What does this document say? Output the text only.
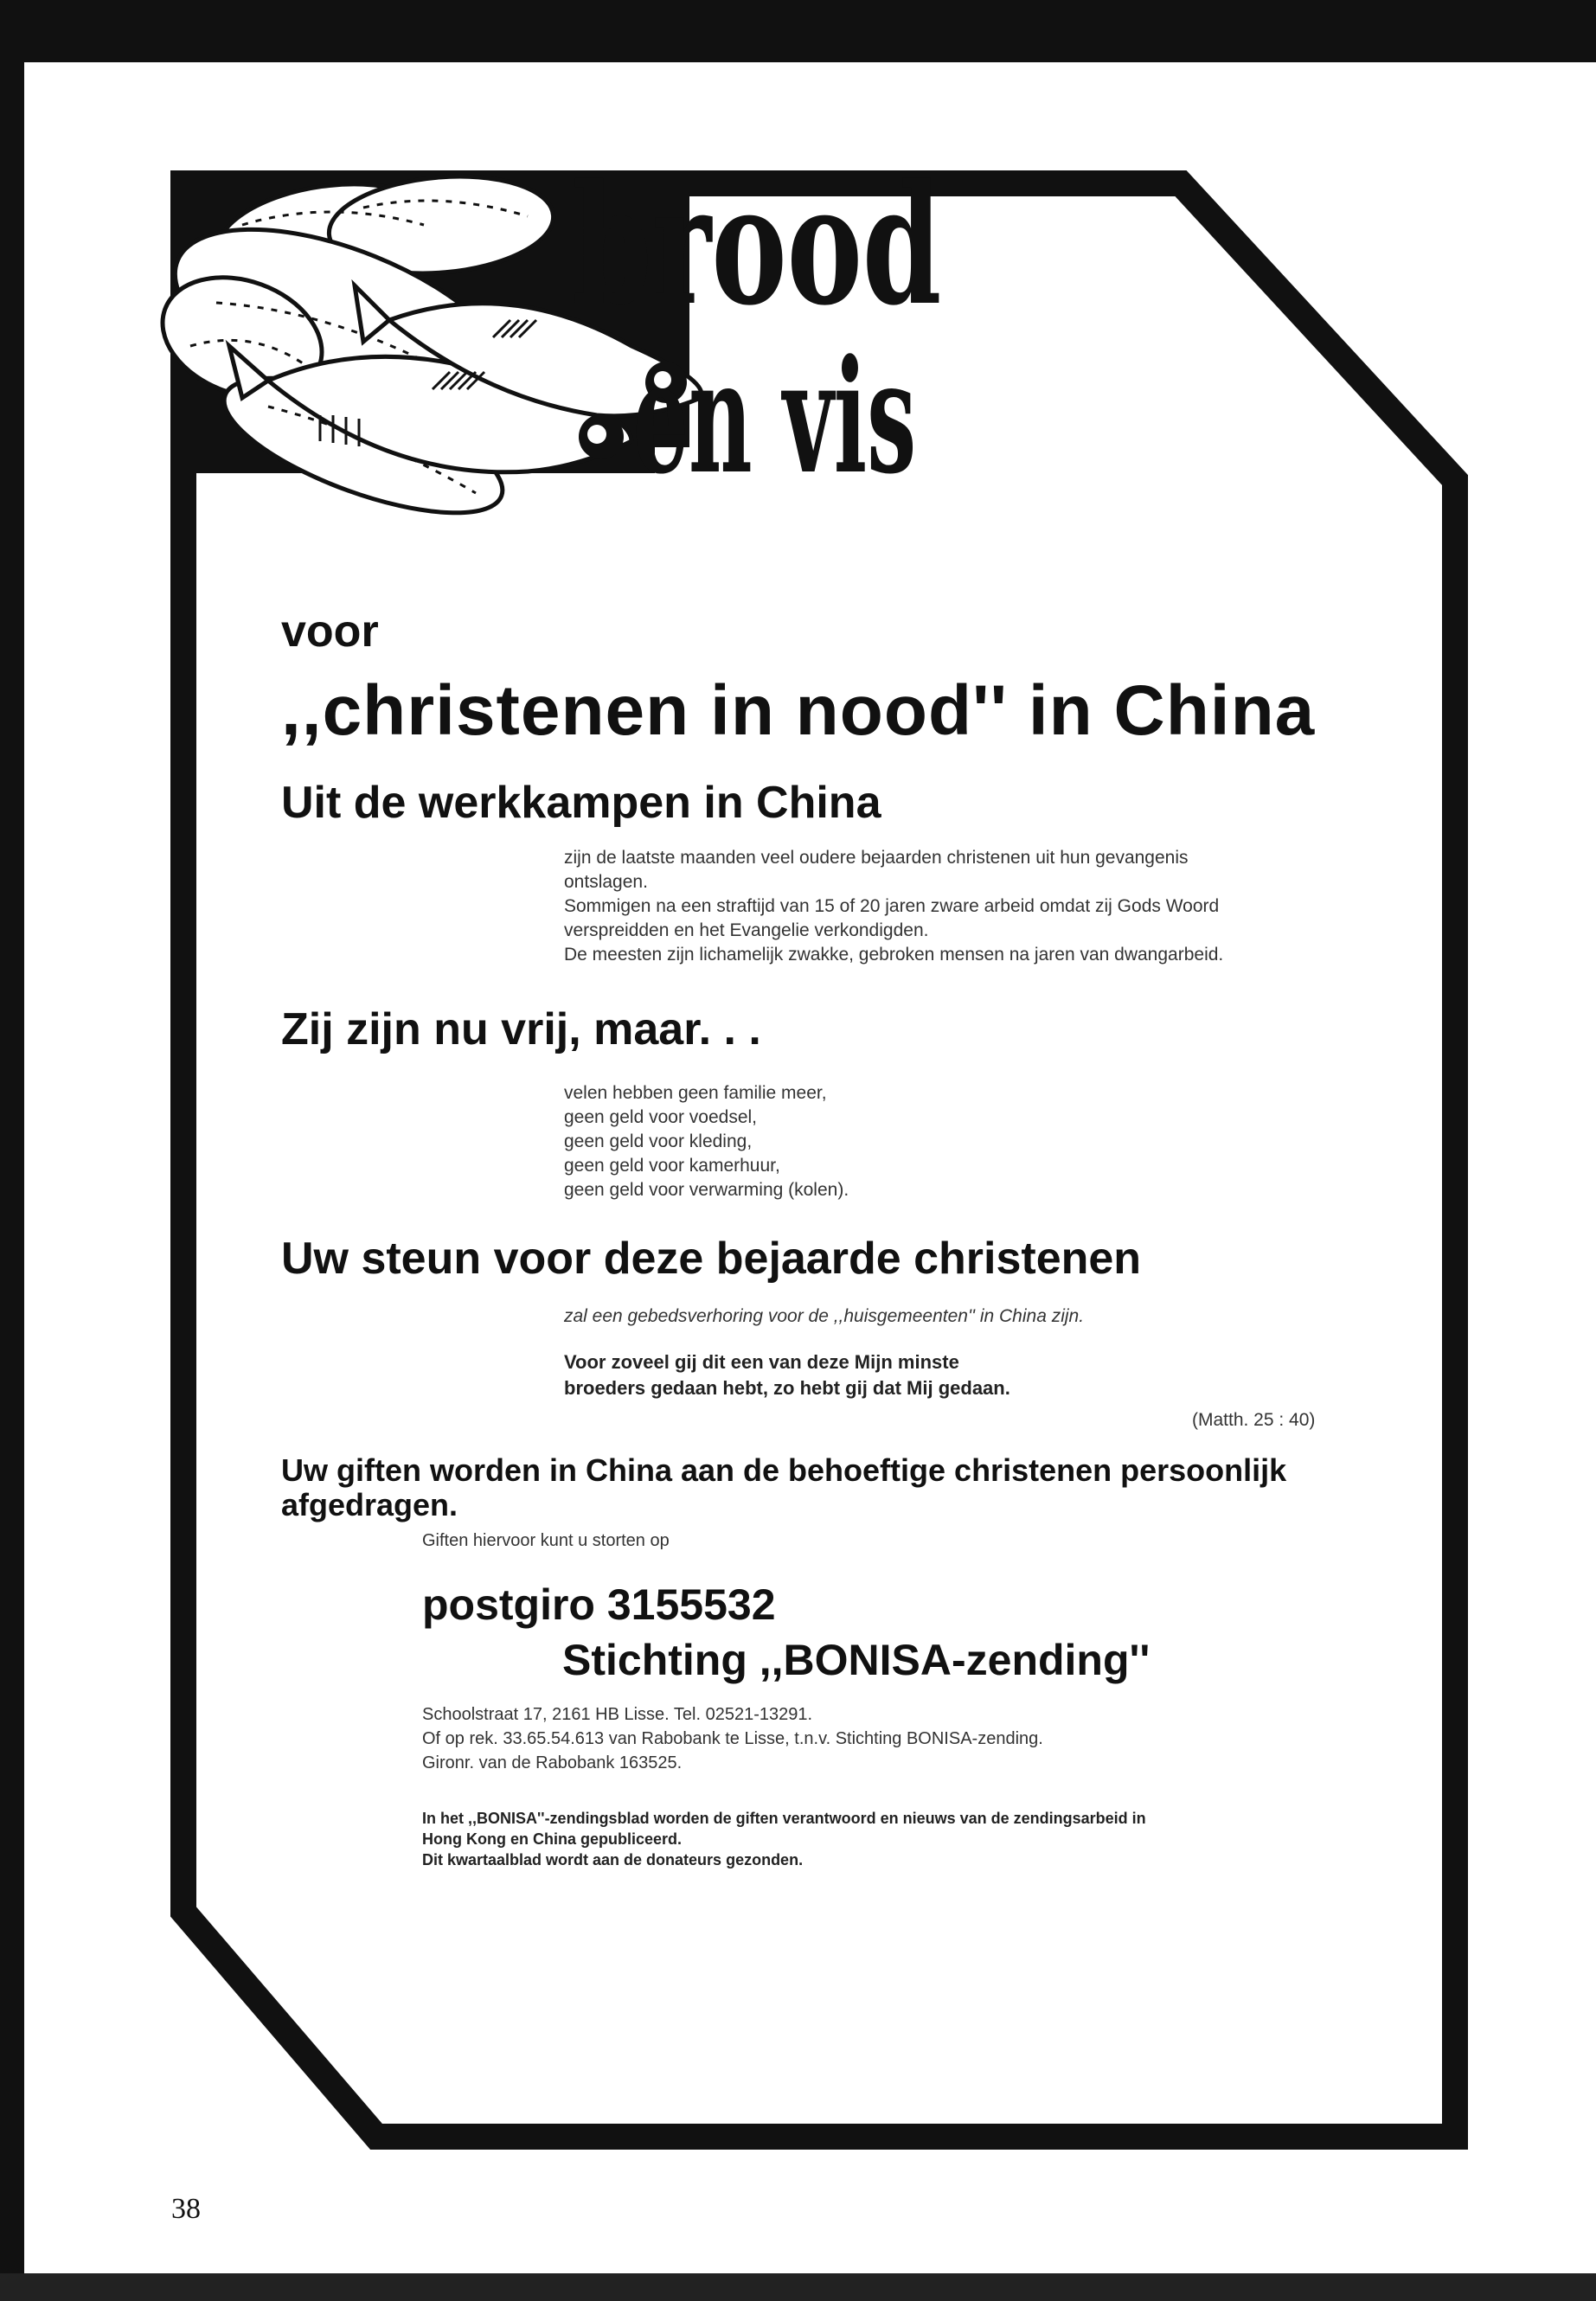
brood
en vis
voor
,,christenen in nood'' in China
Uit de werkkampen in China
zijn de laatste maanden veel oudere bejaarden christenen uit hun gevangenis
ontslagen.
Sommigen na een straftijd van 15 of 20 jaren zware arbeid omdat zij Gods Woord
verspreidden en het Evangelie verkondigden.
De meesten zijn lichamelijk zwakke, gebroken mensen na jaren van dwangarbeid.
Zij zijn nu vrij, maar. . .
velen hebben geen familie meer,
geen geld voor voedsel,
geen geld voor kleding,
geen geld voor kamerhuur,
geen geld voor verwarming (kolen).
Uw steun voor deze bejaarde christenen
zal een gebedsverhoring voor de ,,huisgemeenten'' in China zijn.
Voor zoveel gij dit een van deze Mijn minste
broeders gedaan hebt, zo hebt gij dat Mij gedaan.
(Matth. 25 : 40)
Uw giften worden in China aan de behoeftige christenen persoonlijk afgedragen.
Giften hiervoor kunt u storten op
postgiro 3155532
Stichting ,,BONISA-zending''
Schoolstraat 17, 2161 HB Lisse. Tel. 02521-13291.
Of op rek. 33.65.54.613 van Rabobank te Lisse, t.n.v. Stichting BONISA-zending.
Gironr. van de Rabobank 163525.
In het ,,BONISA''-zendingsblad worden de giften verantwoord en nieuws van de zendingsarbeid in
Hong Kong en China gepubliceerd.
Dit kwartaalblad wordt aan de donateurs gezonden.
38
